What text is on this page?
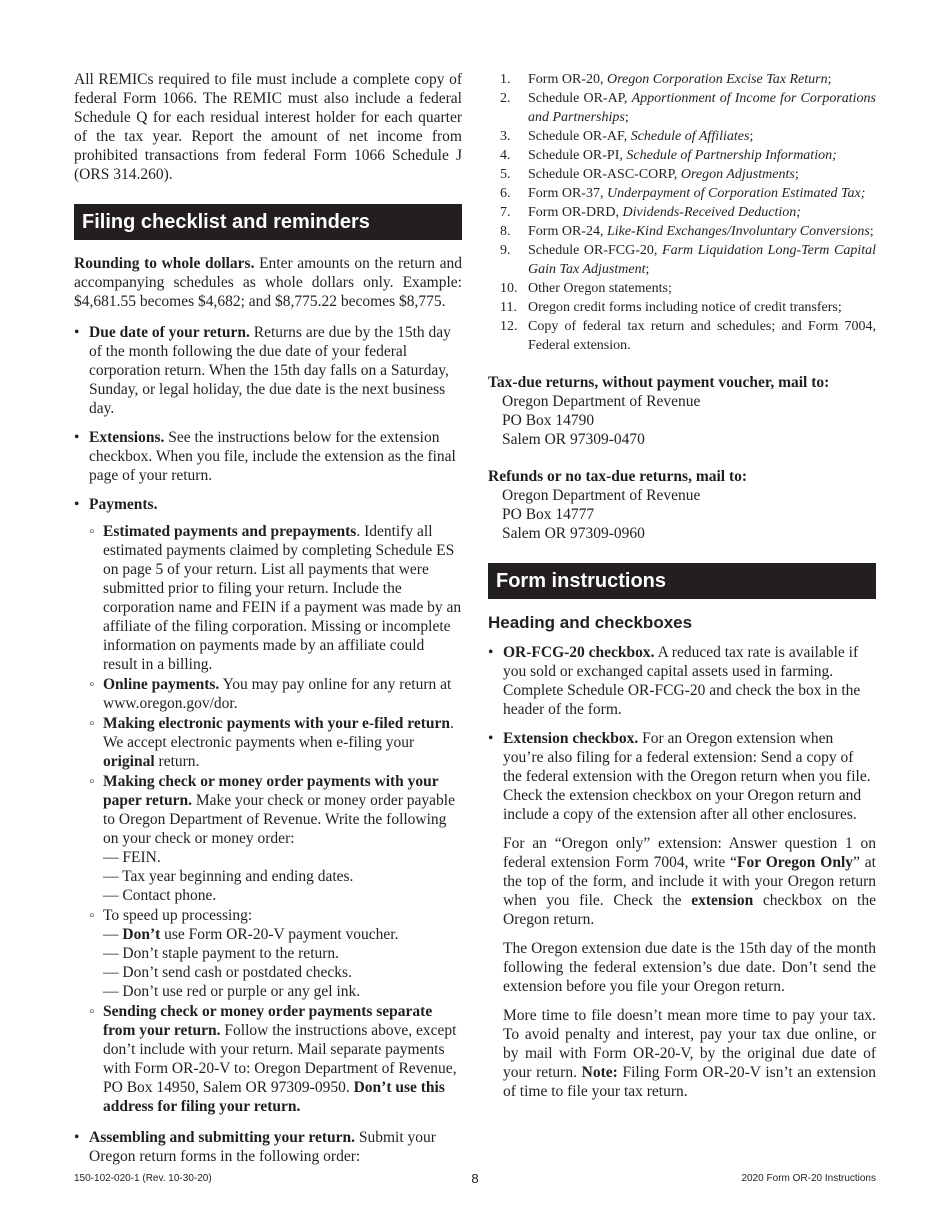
All REMICs required to file must include a complete copy of federal Form 1066. The REMIC must also include a federal Schedule Q for each residual interest holder for each quarter of the tax year. Report the amount of net income from prohibited transactions from federal Form 1066 Schedule J (ORS 314.260).

Filing checklist and reminders

Rounding to whole dollars. Enter amounts on the return and accompanying schedules as whole dollars only. Example: $4,681.55 becomes $4,682; and $8,775.22 becomes $8,775.

• Due date of your return. Returns are due by the 15th day of the month following the due date of your federal corporation return. When the 15th day falls on a Saturday, Sunday, or legal holiday, the due date is the next business day.
• Extensions. See the instructions below for the extension checkbox. When you file, include the extension as the final page of your return.
• Payments.
◦ Estimated payments and prepayments. Identify all estimated payments claimed by completing Schedule ES on page 5 of your return. List all payments that were submitted prior to filing your return. Include the corporation name and FEIN if a payment was made by an affiliate of the filing corporation. Missing or incomplete information on payments made by an affiliate could result in a billing.
◦ Online payments. You may pay online for any return at www.oregon.gov/dor.
◦ Making electronic payments with your e-filed return. We accept electronic payments when e-filing your original return.
◦ Making check or money order payments with your paper return. Make your check or money order payable to Oregon Department of Revenue. Write the following on your check or money order:
— FEIN.
— Tax year beginning and ending dates.
— Contact phone.
◦ To speed up processing:
— Don’t use Form OR-20-V payment voucher.
— Don’t staple payment to the return.
— Don’t send cash or postdated checks.
— Don’t use red or purple or any gel ink.
◦ Sending check or money order payments separate from your return. Follow the instructions above, except don’t include with your return. Mail separate payments with Form OR-20-V to: Oregon Department of Revenue, PO Box 14950, Salem OR 97309-0950. Don’t use this address for filing your return.
• Assembling and submitting your return. Submit your Oregon return forms in the following order:
1.	Form OR-20, Oregon Corporation Excise Tax Return;
2.	Schedule OR-AP, Apportionment of Income for Corporations and Partnerships;
3.	Schedule OR-AF, Schedule of Affiliates;
4.	Schedule OR-PI, Schedule of Partnership Information;
5.	Schedule OR-ASC-CORP, Oregon Adjustments;
6.	Form OR-37, Underpayment of Corporation Estimated Tax;
7.	Form OR-DRD, Dividends-Received Deduction;
8.	Form OR-24, Like-Kind Exchanges/Involuntary Conversions;
9.	Schedule OR-FCG-20, Farm Liquidation Long-Term Capital Gain Tax Adjustment;
10. Other Oregon statements;
11. Oregon credit forms including notice of credit transfers;
12. Copy of federal tax return and schedules; and Form 7004, Federal extension.
Tax-due returns, without payment voucher, mail to:
Oregon Department of Revenue
PO Box 14790
Salem OR 97309-0470
Refunds or no tax-due returns, mail to:
Oregon Department of Revenue
PO Box 14777
Salem OR 97309-0960
Form instructions
Heading and checkboxes
• OR-FCG-20 checkbox. A reduced tax rate is available if you sold or exchanged capital assets used in farming. Complete Schedule OR-FCG-20 and check the box in the header of the form.
• Extension checkbox. For an Oregon extension when you’re also filing for a federal extension: Send a copy of the federal extension with the Oregon return when you file. Check the extension checkbox on your Oregon return and include a copy of the extension after all other enclosures.

For an “Oregon only” extension: Answer question 1 on federal extension Form 7004, write “For Oregon Only” at the top of the form, and include it with your Oregon return when you file. Check the extension checkbox on the Oregon return.

The Oregon extension due date is the 15th day of the month following the federal extension’s due date. Don’t send the extension before you file your Oregon return.

More time to file doesn’t mean more time to pay your tax. To avoid penalty and interest, pay your tax due online, or by mail with Form OR-20-V, by the original due date of your return. Note: Filing Form OR-20-V isn’t an extension of time to file your tax return.

150-102-020-1 (Rev. 10-30-20)	8	2020 Form OR-20 Instructions
